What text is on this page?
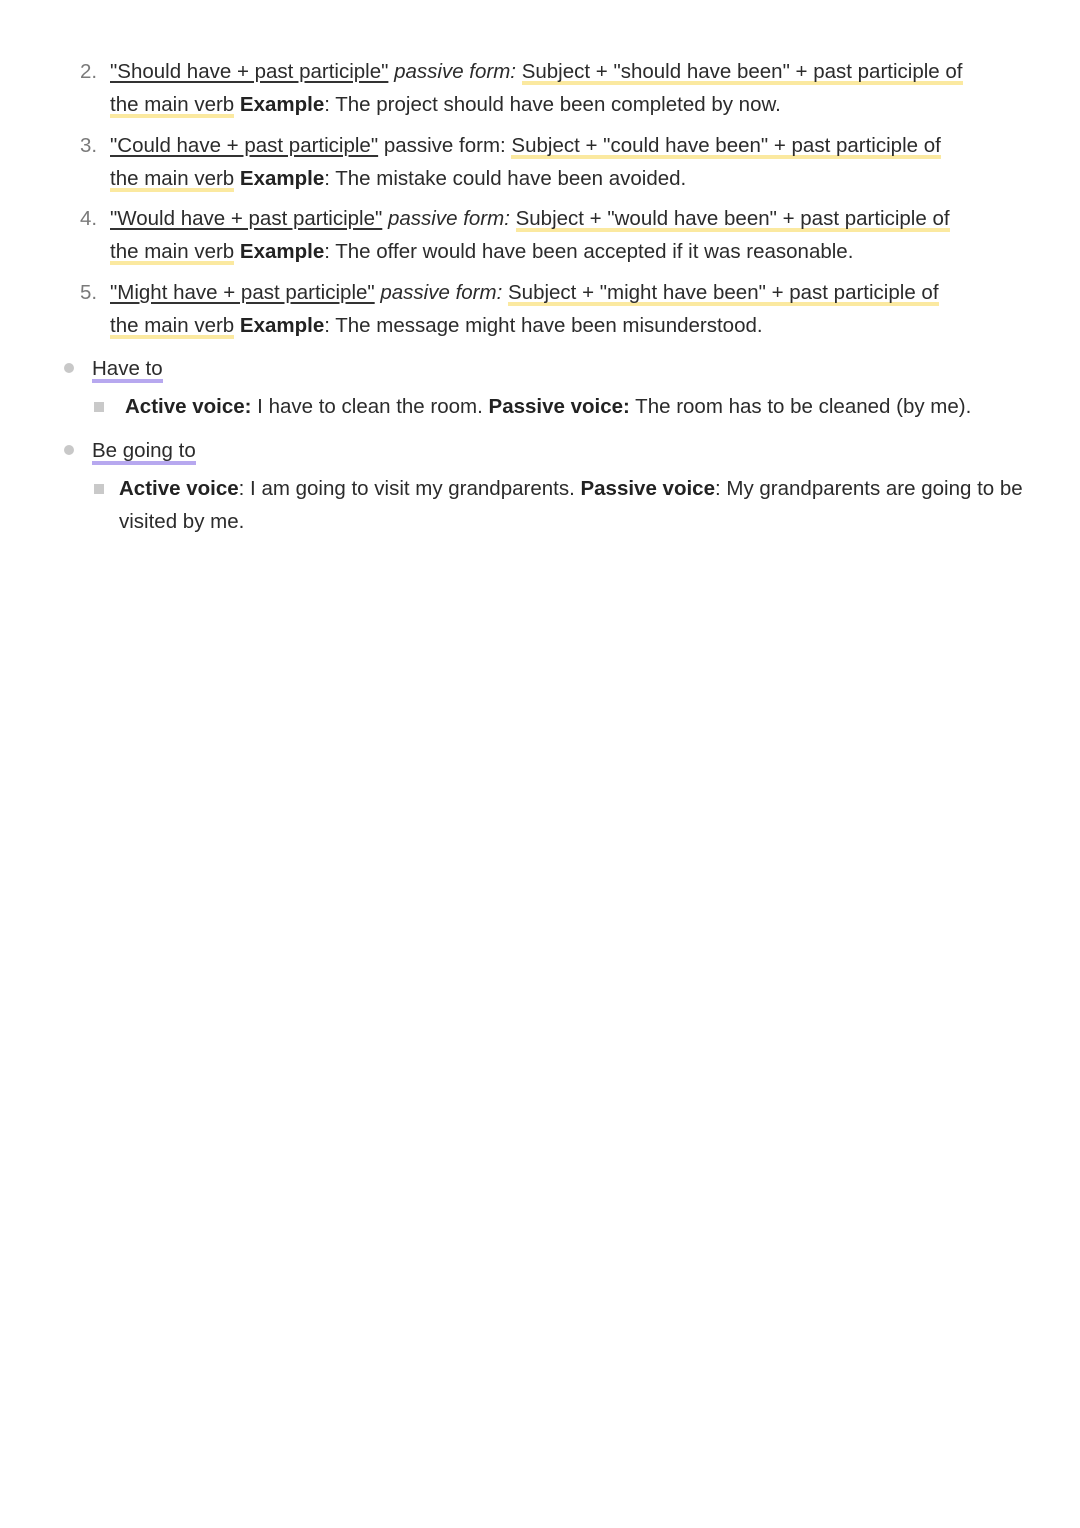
2. "Should have + past participle" passive form: Subject + "should have been" + past participle of
the main verb Example: The project should have been completed by now.
3. "Could have + past participle" passive form: Subject + "could have been" + past participle of
the main verb Example: The mistake could have been avoided.
4. "Would have + past participle" passive form: Subject + "would have been" + past participle of
the main verb Example: The offer would have been accepted if it was reasonable.
5. "Might have + past participle" passive form: Subject + "might have been" + past participle of
the main verb Example: The message might have been misunderstood.
Have to
Active voice: I have to clean the room. Passive voice: The room has to be cleaned (by me).
Be going to
Active voice: I am going to visit my grandparents. Passive voice: My grandparents are going to be visited by me.
